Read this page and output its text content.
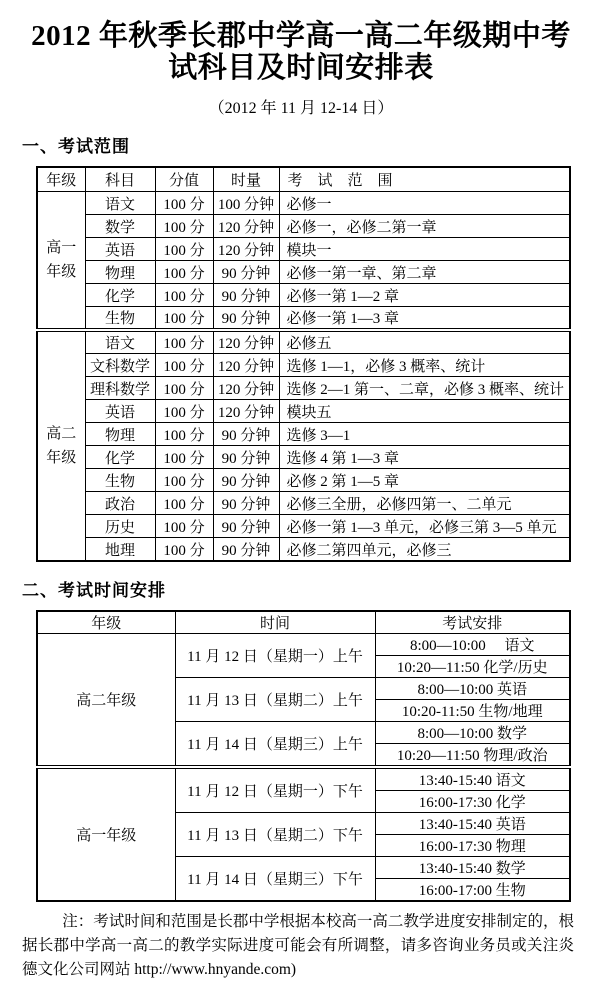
2012 年秋季长郡中学高一高二年级期中考
试科目及时间安排表
（2012 年 11 月 12-14 日）
一、考试范围
年级	科目	分值	时量	考　试　范　围
高一
年级	语文	100 分	100 分钟	必修一
	数学	100 分	120 分钟	必修一，必修二第一章
	英语	100 分	120 分钟	模块一
	物理	100 分	90 分钟	必修一第一章、第二章
	化学	100 分	90 分钟	必修一第 1—2 章
	生物	100 分	90 分钟	必修一第 1—3 章
高二
年级	语文	100 分	120 分钟	必修五
	文科数学	100 分	120 分钟	选修 1—1，必修 3 概率、统计
	理科数学	100 分	120 分钟	选修 2—1 第一、二章，必修 3 概率、统计
	英语	100 分	120 分钟	模块五
	物理	100 分	90 分钟	选修 3—1
	化学	100 分	90 分钟	选修 4 第 1—3 章
	生物	100 分	90 分钟	必修 2 第 1—5 章
	政治	100 分	90 分钟	必修三全册，必修四第一、二单元
	历史	100 分	90 分钟	必修一第 1—3 单元，必修三第 3—5 单元
	地理	100 分	90 分钟	必修二第四单元，必修三
二、考试时间安排
年级	时间	考试安排
高二年级	11 月 12 日（星期一）上午	8:00—10:00　 语文
		10:20—11:50 化学/历史
	11 月 13 日（星期二）上午	8:00—10:00 英语
		10:20-11:50 生物/地理
	11 月 14 日（星期三）上午	8:00—10:00 数学
		10:20—11:50 物理/政治
高一年级	11 月 12 日（星期一）下午	13:40-15:40 语文
		16:00-17:30 化学
	11 月 13 日（星期二）下午	13:40-15:40 英语
		16:00-17:30 物理
	11 月 14 日（星期三）下午	13:40-15:40 数学
		16:00-17:00 生物
注：考试时间和范围是长郡中学根据本校高一高二教学进度安排制定的，根据长郡中学高一高二的教学实际进度可能会有所调整，请多咨询业务员或关注炎德文化公司网站 http://www.hnyande.com)
